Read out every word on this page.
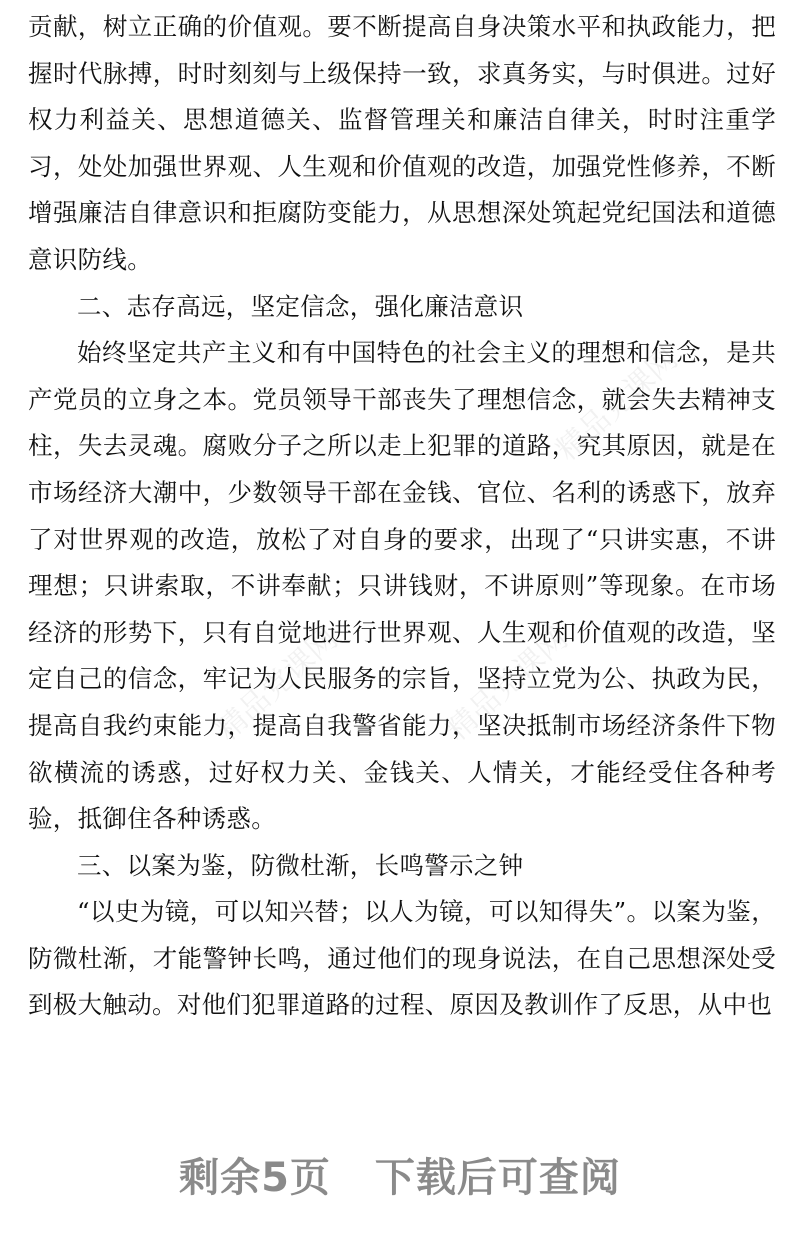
精品党课网
精品党课网	精品党课网

贡献，树立正确的价值观。要不断提高自身决策水平和执政能力，把握时代脉搏，时时刻刻与上级保持一致，求真务实，与时俱进。过好权力利益关、思想道德关、监督管理关和廉洁自律关，时时注重学习，处处加强世界观、人生观和价值观的改造，加强党性修养，不断增强廉洁自律意识和拒腐防变能力，从思想深处筑起党纪国法和道德意识防线。

二、志存高远，坚定信念，强化廉洁意识

始终坚定共产主义和有中国特色的社会主义的理想和信念，是共产党员的立身之本。党员领导干部丧失了理想信念，就会失去精神支柱，失去灵魂。腐败分子之所以走上犯罪的道路，究其原因，就是在市场经济大潮中，少数领导干部在金钱、官位、名利的诱惑下，放弃了对世界观的改造，放松了对自身的要求，出现了“只讲实惠，不讲理想；只讲索取，不讲奉献；只讲钱财，不讲原则”等现象。在市场经济的形势下，只有自觉地进行世界观、人生观和价值观的改造，坚定自己的信念，牢记为人民服务的宗旨，坚持立党为公、执政为民，提高自我约束能力，提高自我警省能力，坚决抵制市场经济条件下物欲横流的诱惑，过好权力关、金钱关、人情关，才能经受住各种考验，抵御住各种诱惑。

三、以案为鉴，防微杜渐，长鸣警示之钟

“以史为镜，可以知兴替；以人为镜，可以知得失”。以案为鉴，防微杜渐，才能警钟长鸣，通过他们的现身说法，在自己思想深处受到极大触动。对他们犯罪道路的过程、原因及教训作了反思，从中也

剩余5页 下载后可查阅
